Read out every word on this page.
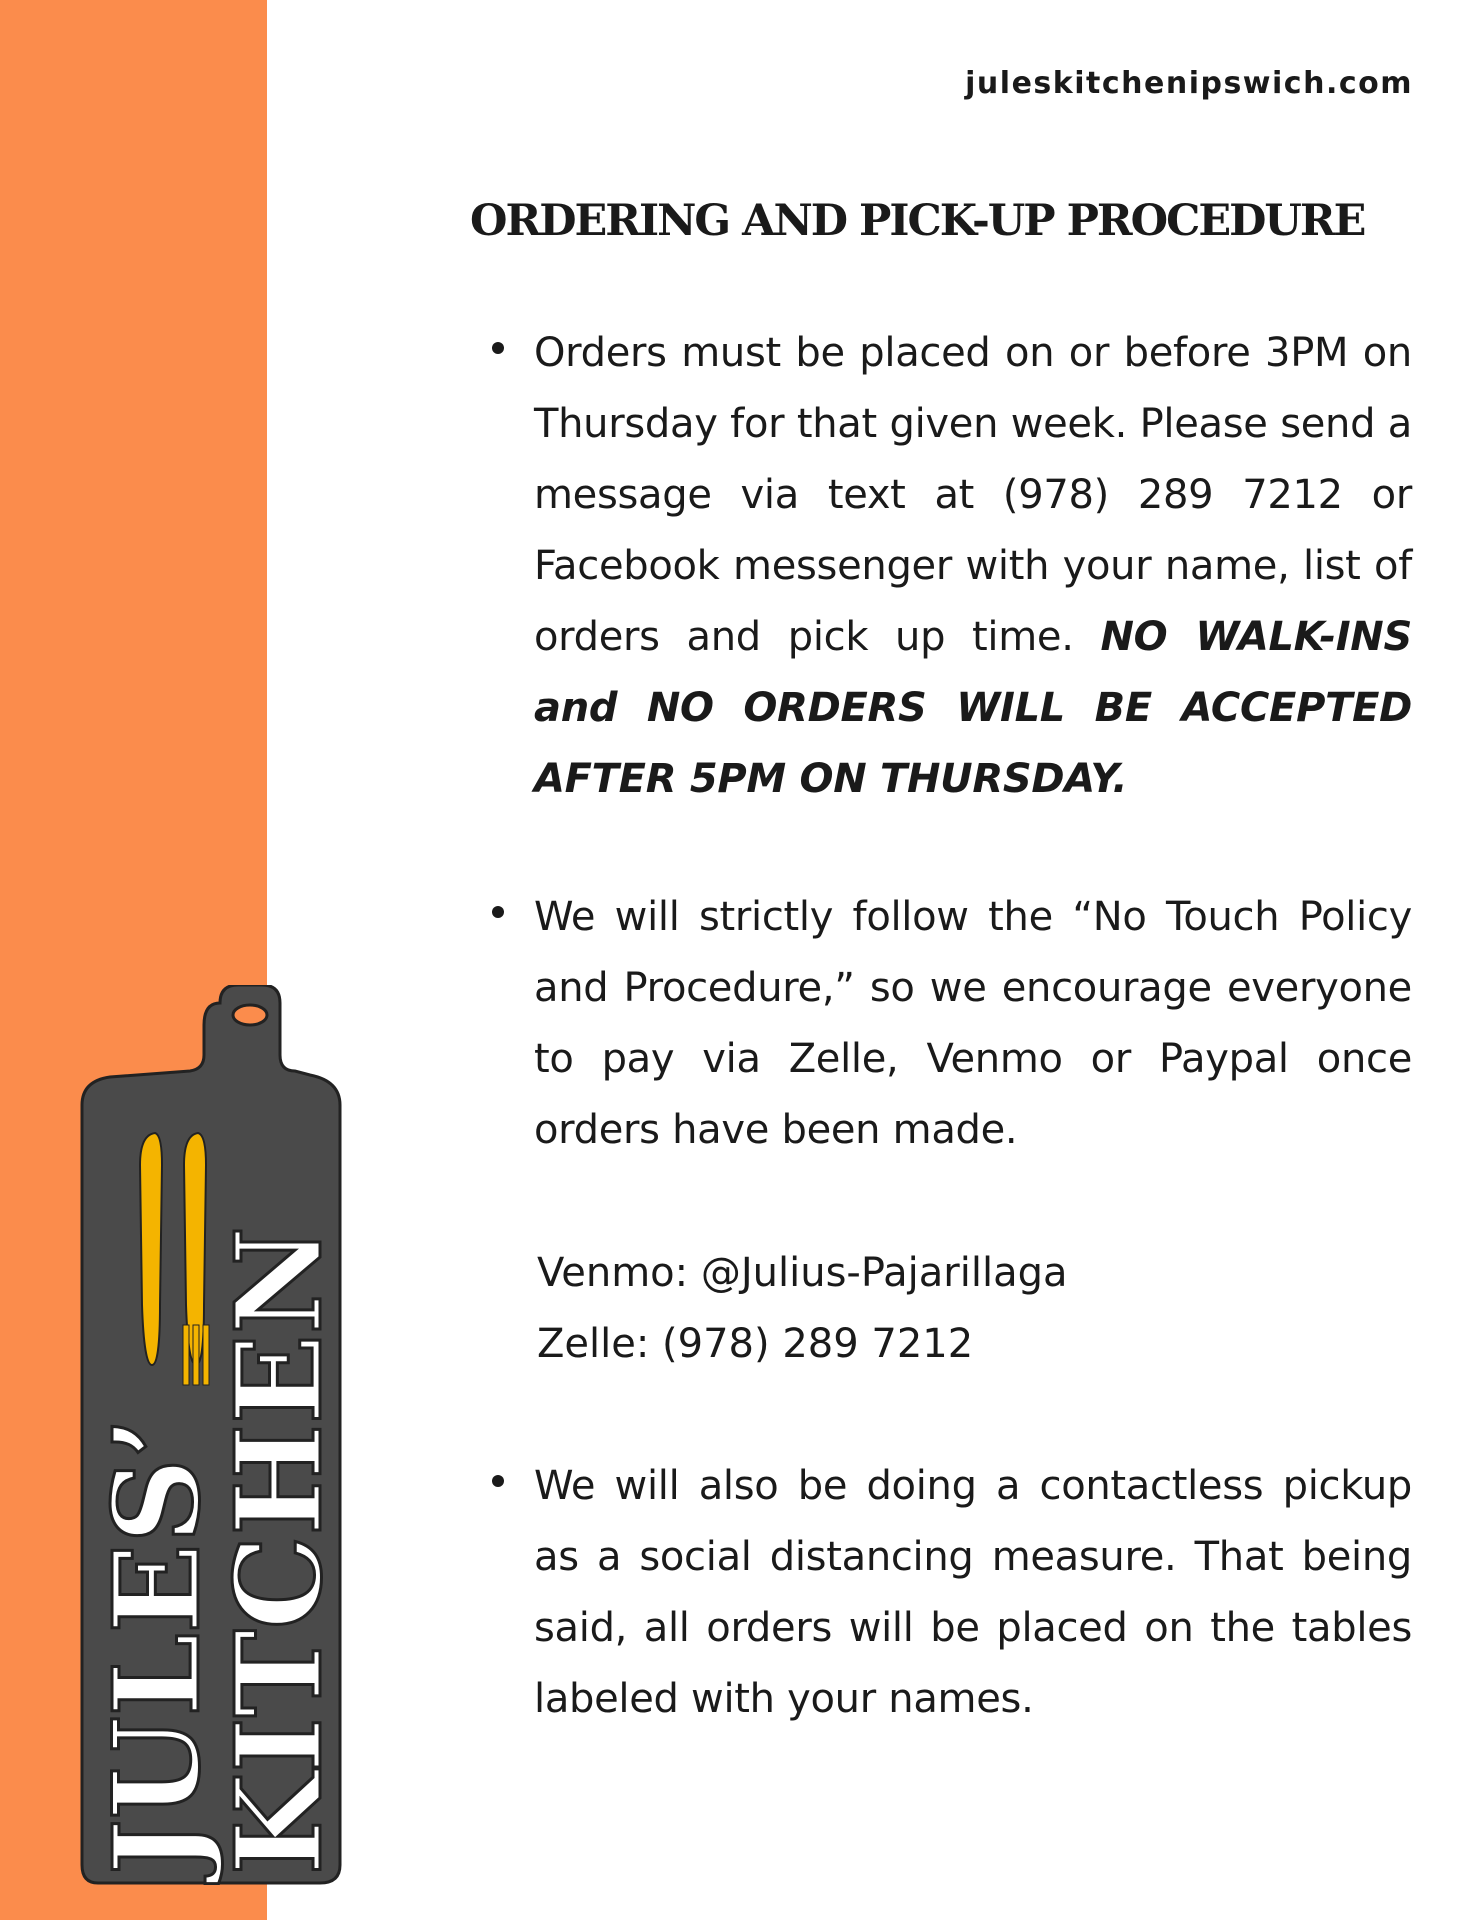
juleskitchenipswich.com
ORDERING AND PICK-UP PROCEDURE

Orders must be placed on or before 3PM on Thursday for that given week. Please send a message via text at (978) 289 7212 or Facebook messenger with your name, list of orders and pick up time. NO WALK-INS and NO ORDERS WILL BE ACCEPTED AFTER 5PM ON THURSDAY.

We will strictly follow the “No Touch Policy and Procedure,” so we encourage everyone to pay via Zelle, Venmo or Paypal once orders have been made.

Venmo: @Julius-Pajarillaga
Zelle: (978) 289 7212

We will also be doing a contactless pickup as a social distancing measure. That being said, all orders will be placed on the tables labeled with your names.

JULES’
KITCHEN
